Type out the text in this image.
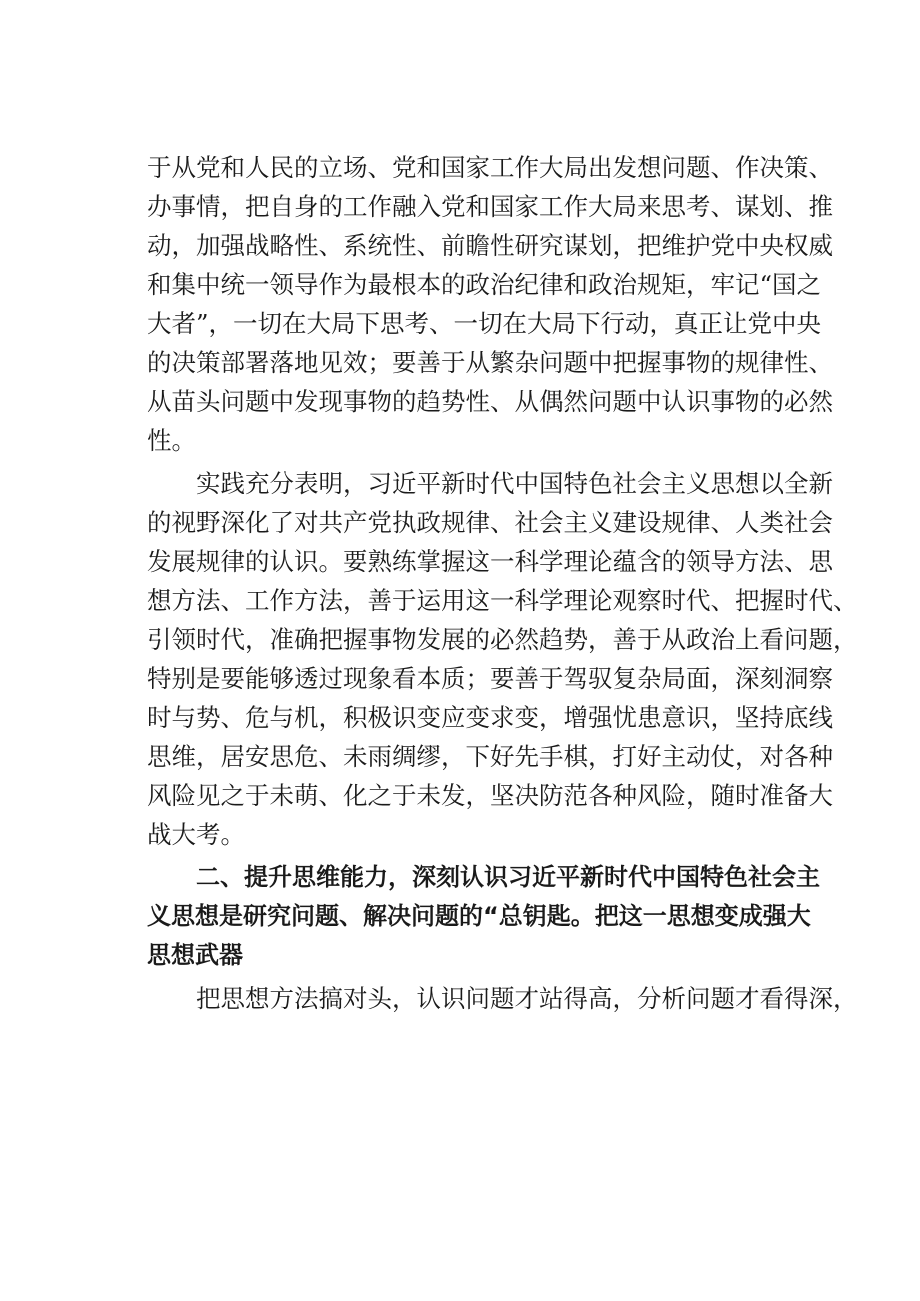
于从党和人民的立场、党和国家工作大局出发想问题、作决策、
办事情，把自身的工作融入党和国家工作大局来思考、谋划、推
动，加强战略性、系统性、前瞻性研究谋划，把维护党中央权威
和集中统一领导作为最根本的政治纪律和政治规矩，牢记“国之
大者”，一切在大局下思考、一切在大局下行动，真正让党中央
的决策部署落地见效；要善于从繁杂问题中把握事物的规律性、
从苗头问题中发现事物的趋势性、从偶然问题中认识事物的必然
性。
实践充分表明，习近平新时代中国特色社会主义思想以全新
的视野深化了对共产党执政规律、社会主义建设规律、人类社会
发展规律的认识。要熟练掌握这一科学理论蕴含的领导方法、思
想方法、工作方法，善于运用这一科学理论观察时代、把握时代、
引领时代，准确把握事物发展的必然趋势，善于从政治上看问题，
特别是要能够透过现象看本质；要善于驾驭复杂局面，深刻洞察
时与势、危与机，积极识变应变求变，增强忧患意识，坚持底线
思维，居安思危、未雨绸缪，下好先手棋，打好主动仗，对各种
风险见之于未萌、化之于未发，坚决防范各种风险，随时准备大
战大考。
二、提升思维能力，深刻认识习近平新时代中国特色社会主
义思想是研究问题、解决问题的“总钥匙。把这一思想变成强大
思想武器
把思想方法搞对头，认识问题才站得高，分析问题才看得深，
